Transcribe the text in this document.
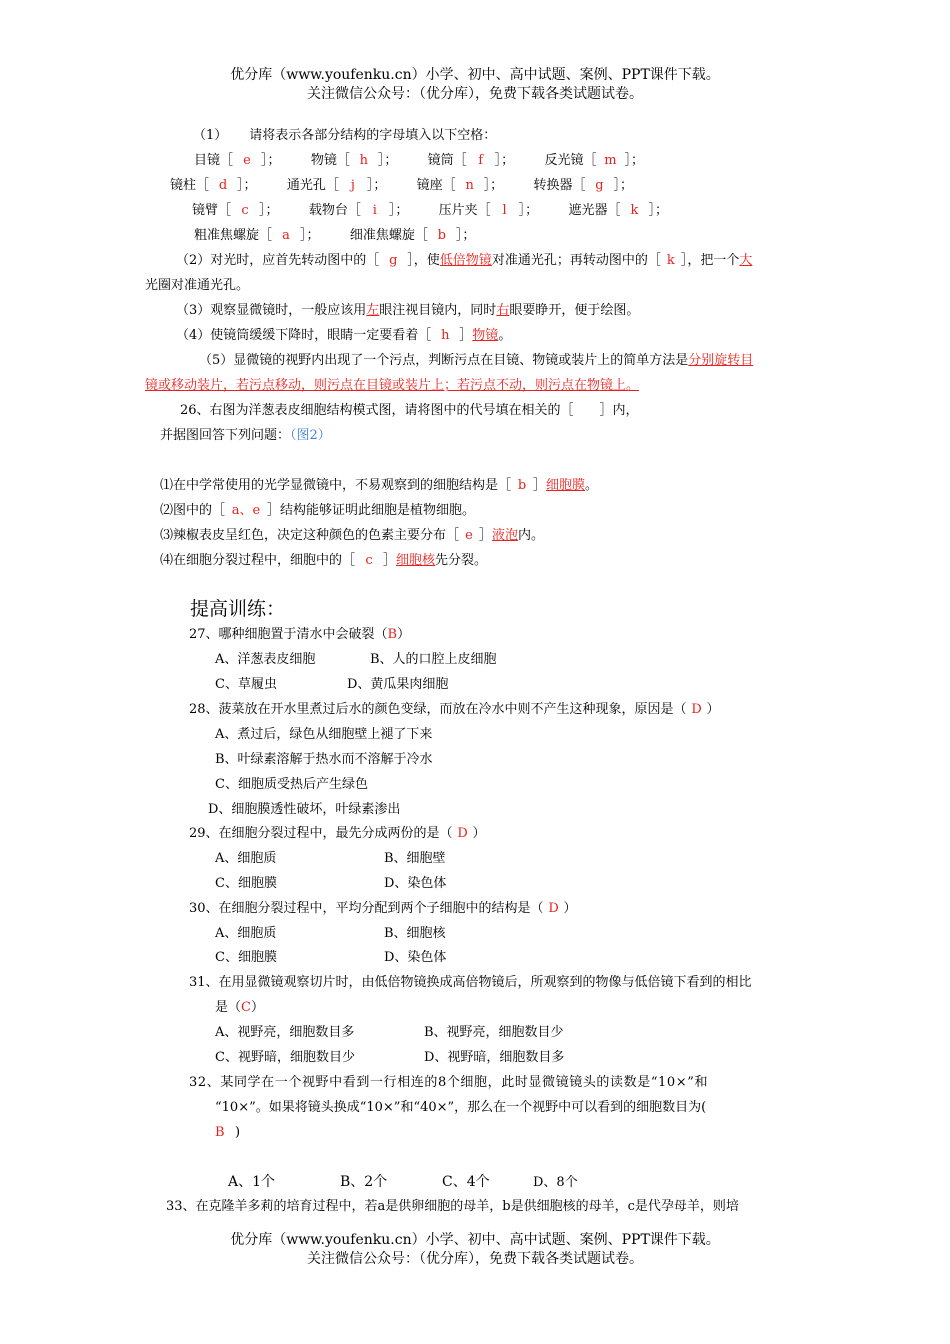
优分库（www.youfenku.cn）小学、初中、高中试题、案例、PPT课件下载。
关注微信公众号：（优分库），免费下载各类试题试卷。
（1） 请将表示各部分结构的字母填入以下空格：
目镜［ e ］； 物镜［ h ］； 镜筒［ f ］； 反光镜［ m ］；
镜柱［ d ］； 通光孔［ j ］； 镜座［ n ］； 转换器［ g ］；
镜臂［ c ］； 载物台［ i ］； 压片夹［ l ］； 遮光器［ k ］；
粗准焦螺旋［ a ］； 细准焦螺旋［ b ］；
（2）对光时，应首先转动图中的［ g ］，使低倍物镜对准通光孔；再转动图中的［ k ］，把一个大
光圈对准通光孔。
（3）观察显微镜时，一般应该用左眼注视目镜内，同时右眼要睁开，便于绘图。
（4）使镜筒缓缓下降时，眼睛一定要看着［ h ］物镜。
（5）显微镜的视野内出现了一个污点，判断污点在目镜、物镜或装片上的简单方法是分别旋转目
镜或移动装片，若污点移动，则污点在目镜或装片上；若污点不动，则污点在物镜上。
26、右图为洋葱表皮细胞结构模式图，请将图中的代号填在相关的［　　］内，
并据图回答下列问题：（图2）
⑴在中学常使用的光学显微镜中，不易观察到的细胞结构是［ b ］细胞膜。
⑵图中的［ a、e ］结构能够证明此细胞是植物细胞。
⑶辣椒表皮呈红色，决定这种颜色的色素主要分布［ e ］液泡内。
⑷在细胞分裂过程中，细胞中的［ c ］细胞核先分裂。
提高训练：
27、哪种细胞置于清水中会破裂（B）
A、洋葱表皮细胞	B、人的口腔上皮细胞
C、草履虫	D、黄瓜果肉细胞
28、菠菜放在开水里煮过后水的颜色变绿，而放在冷水中则不产生这种现象，原因是（ D ）
A、煮过后，绿色从细胞壁上褪了下来
B、叶绿素溶解于热水而不溶解于冷水
C、细胞质受热后产生绿色
D、细胞膜透性破坏，叶绿素渗出
29、在细胞分裂过程中，最先分成两份的是（ D ）
A、细胞质	B、细胞壁
C、细胞膜	D、染色体
30、在细胞分裂过程中，平均分配到两个子细胞中的结构是（ D ）
A、细胞质	B、细胞核
C、细胞膜	D、染色体
31、在用显微镜观察切片时，由低倍物镜换成高倍物镜后，所观察到的物像与低倍镜下看到的相比
是（C）
A、视野亮，细胞数目多	B、视野亮，细胞数目少
C、视野暗，细胞数目少	D、视野暗，细胞数目多
32、某同学在一个视野中看到一行相连的8个细胞，此时显微镜镜头的读数是“10×”和
“10×”。如果将镜头换成“10×”和“40×”，那么在一个视野中可以看到的细胞数目为(
B )
A、1个	B、2个	C、4个	D、8个
33、在克隆羊多莉的培育过程中，若a是供卵细胞的母羊，b是供细胞核的母羊，c是代孕母羊，则培
优分库（www.youfenku.cn）小学、初中、高中试题、案例、PPT课件下载。
关注微信公众号：（优分库），免费下载各类试题试卷。
